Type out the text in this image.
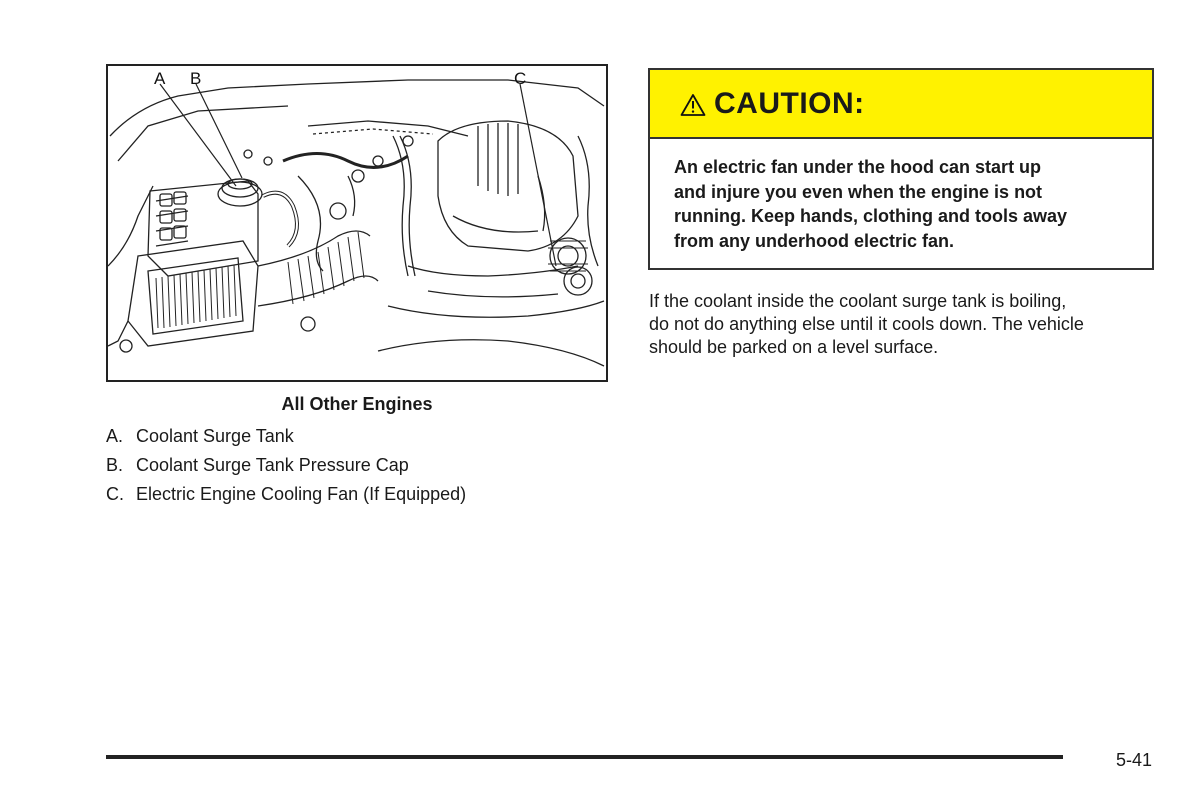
A B	C
All Other Engines
A. Coolant Surge Tank
B. Coolant Surge Tank Pressure Cap
C. Electric Engine Cooling Fan (If Equipped)
CAUTION:
An electric fan under the hood can start up
and injure you even when the engine is not
running. Keep hands, clothing and tools away
from any underhood electric fan.
If the coolant inside the coolant surge tank is boiling,
do not do anything else until it cools down. The vehicle
should be parked on a level surface.
5-41
